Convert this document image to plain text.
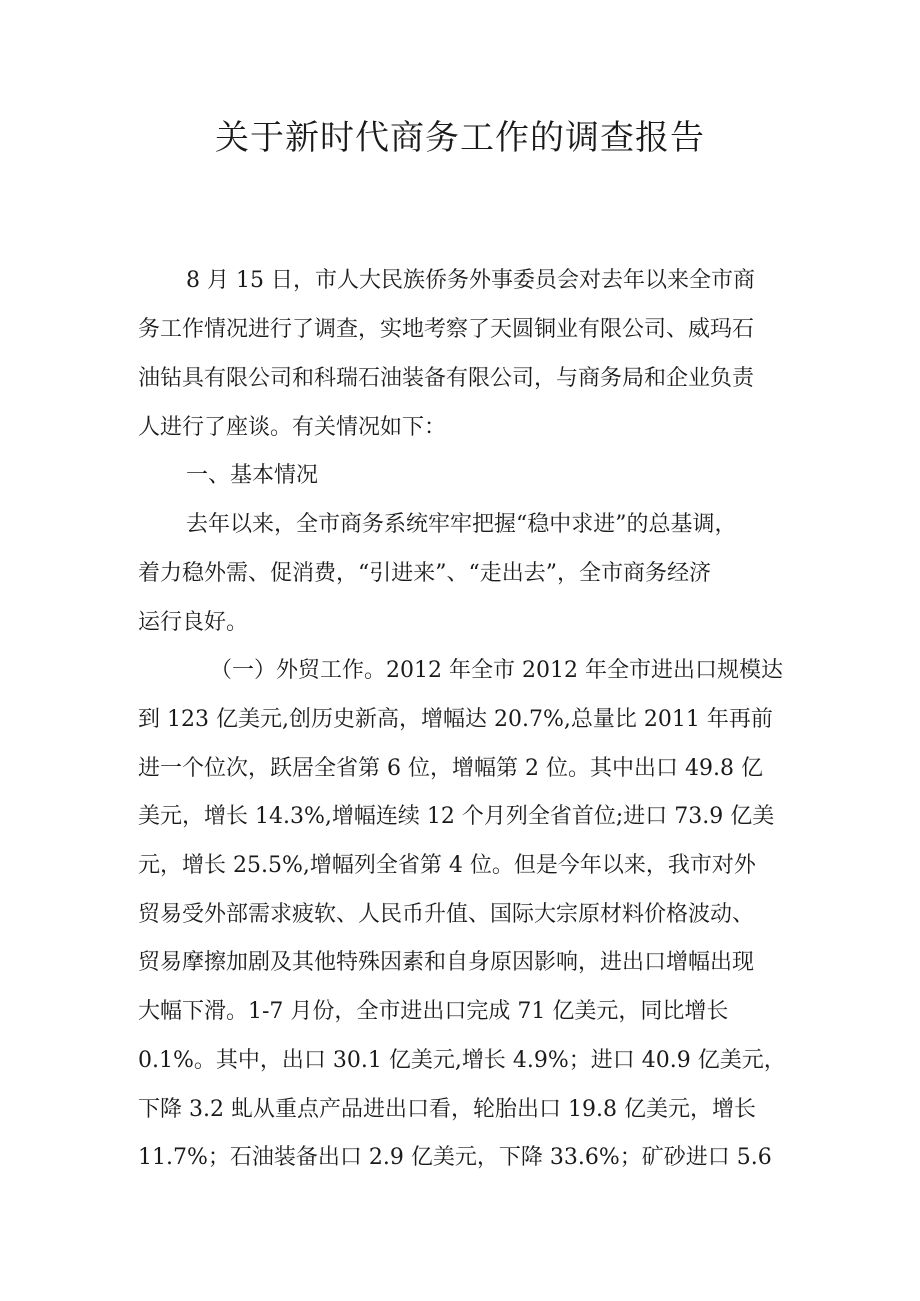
关于新时代商务工作的调查报告
8 月 15 日，市人大民族侨务外事委员会对去年以来全市商
务工作情况进行了调查，实地考察了天圆铜业有限公司、威玛石
油钻具有限公司和科瑞石油装备有限公司，与商务局和企业负责
人进行了座谈。有关情况如下：
一、基本情况
去年以来，全市商务系统牢牢把握“稳中求进”的总基调，
着力稳外需、促消费，“引进来”、“走出去”，全市商务经济
运行良好。
（一）外贸工作。2012 年全市 2012 年全市进出口规模达
到 123 亿美元,创历史新高，增幅达 20.7%,总量比 2011 年再前
进一个位次，跃居全省第 6 位，增幅第 2 位。其中出口 49.8 亿
美元，增长 14.3%,增幅连续 12 个月列全省首位;进口 73.9 亿美
元，增长 25.5%,增幅列全省第 4 位。但是今年以来，我市对外
贸易受外部需求疲软、人民币升值、国际大宗原材料价格波动、
贸易摩擦加剧及其他特殊因素和自身原因影响，进出口增幅出现
大幅下滑。1-7 月份，全市进出口完成 71 亿美元，同比增长
0.1%。其中，出口 30.1 亿美元,增长 4.9%；进口 40.9 亿美元，
下降 3.2 虬从重点产品进出口看，轮胎出口 19.8 亿美元，增长
11.7%；石油装备出口 2.9 亿美元，下降 33.6%；矿砂进口 5.6
